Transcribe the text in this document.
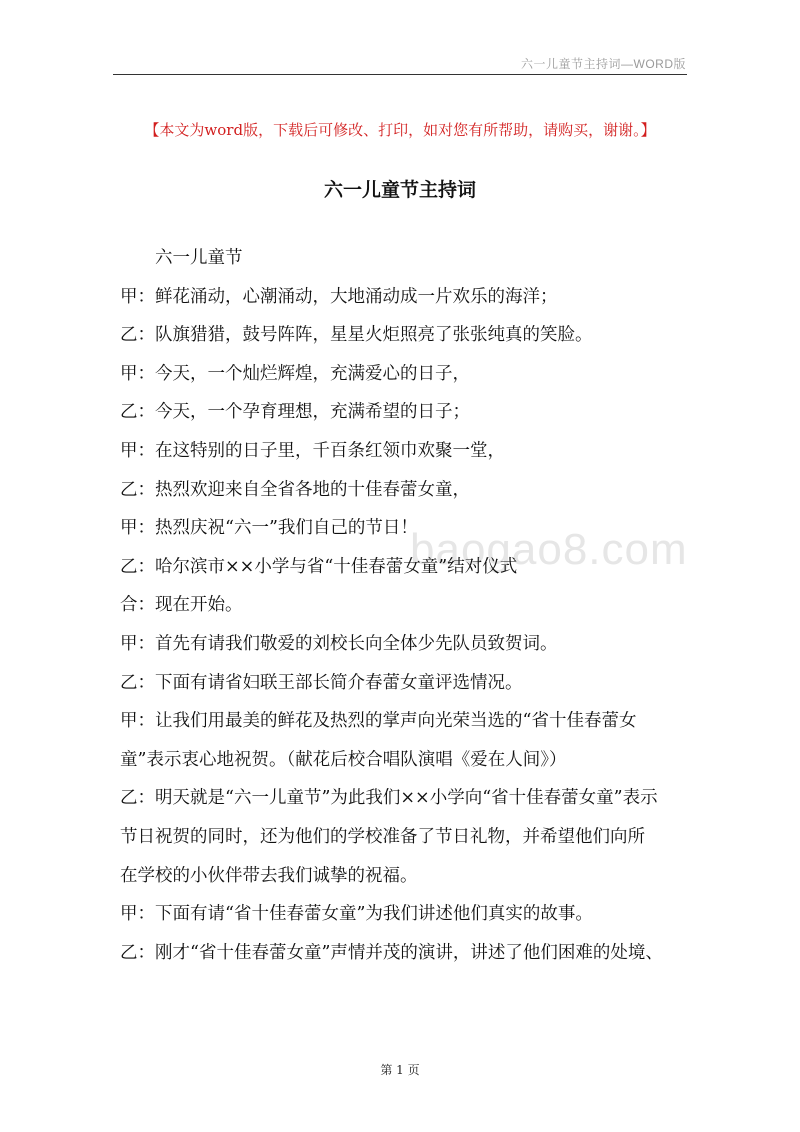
六一儿童节主持词—WORD版
【本文为word版，下载后可修改、打印，如对您有所帮助，请购买，谢谢。】
六一儿童节主持词
baogao8.com

六一儿童节

甲：鲜花涌动，心潮涌动，大地涌动成一片欢乐的海洋；

乙：队旗猎猎，鼓号阵阵，星星火炬照亮了张张纯真的笑脸。

甲：今天，一个灿烂辉煌，充满爱心的日子，

乙：今天，一个孕育理想，充满希望的日子；

甲：在这特别的日子里，千百条红领巾欢聚一堂，

乙：热烈欢迎来自全省各地的十佳春蕾女童，

甲：热烈庆祝“六一”我们自己的节日！

乙：哈尔滨市××小学与省“十佳春蕾女童”结对仪式

合：现在开始。

甲：首先有请我们敬爱的刘校长向全体少先队员致贺词。

乙：下面有请省妇联王部长简介春蕾女童评选情况。

甲：让我们用最美的鲜花及热烈的掌声向光荣当选的“省十佳春蕾女

童”表示衷心地祝贺。（献花后校合唱队演唱《爱在人间》）

乙：明天就是“六一儿童节”为此我们××小学向“省十佳春蕾女童”表示

节日祝贺的同时，还为他们的学校准备了节日礼物，并希望他们向所

在学校的小伙伴带去我们诚挚的祝福。

甲：下面有请“省十佳春蕾女童”为我们讲述他们真实的故事。

乙：刚才“省十佳春蕾女童”声情并茂的演讲，讲述了他们困难的处境、

第 1 页
